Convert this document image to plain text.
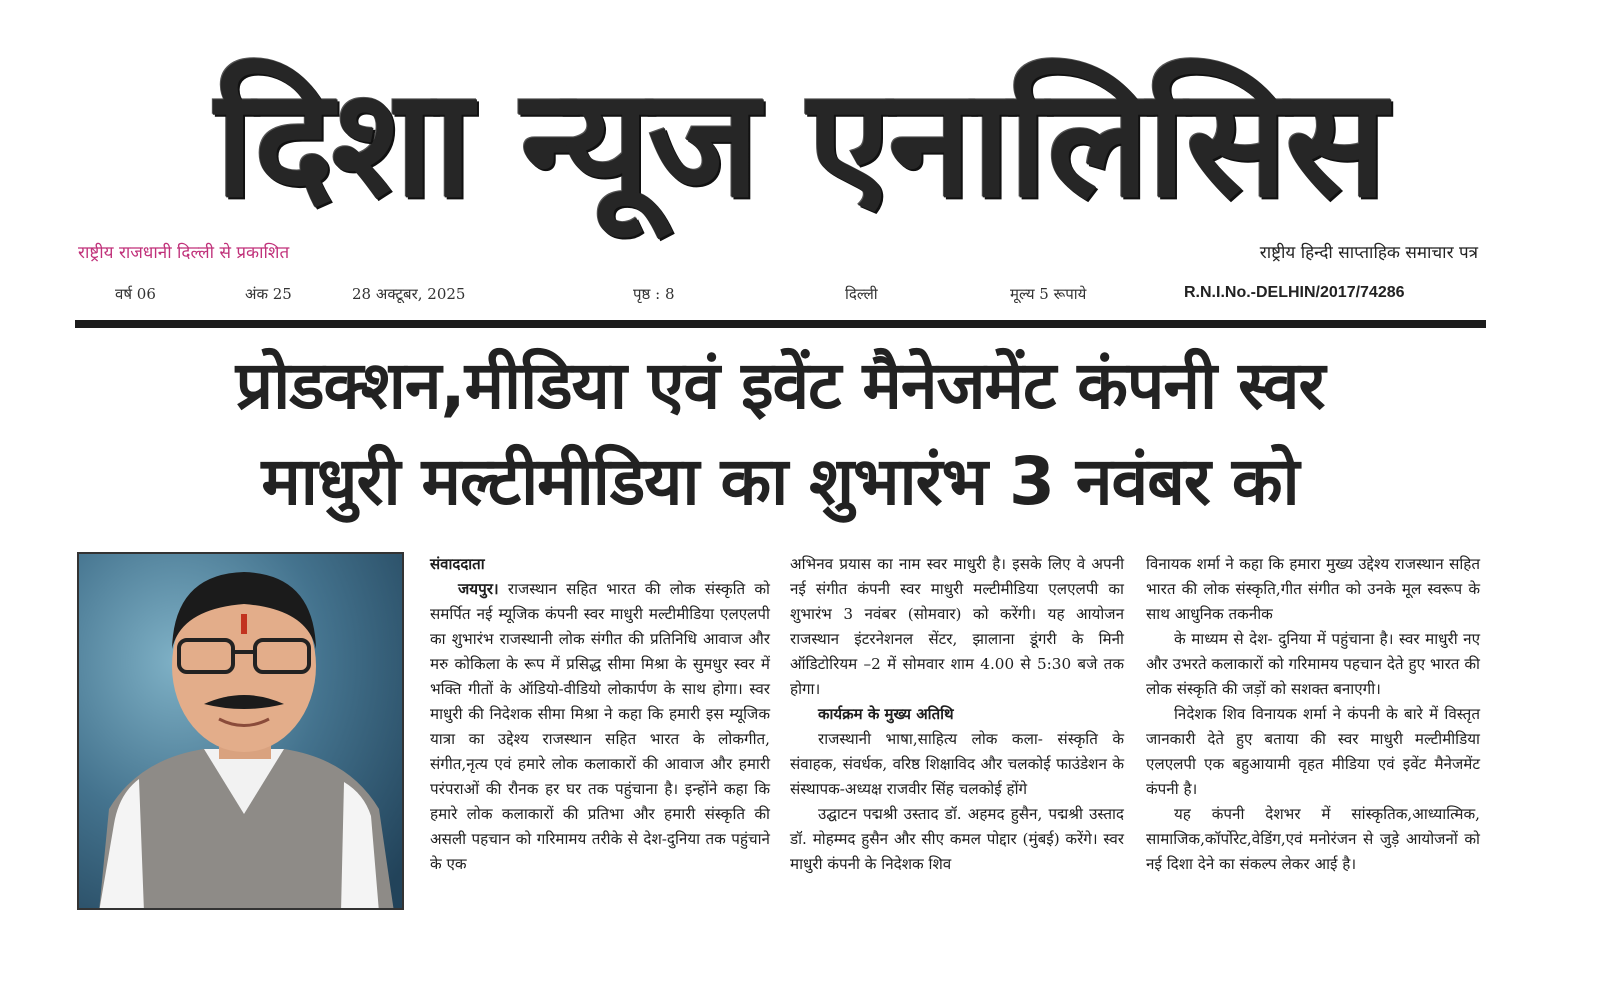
दिशा न्यूज एनालिसिस
राष्ट्रीय राजधानी दिल्ली से प्रकाशित	राष्ट्रीय हिन्दी साप्ताहिक समाचार पत्र
वर्ष 06	अंक 25	28 अक्टूबर, 2025	पृष्ठ : 8	दिल्ली	मूल्य 5 रूपाये	R.N.I.No.-DELHIN/2017/74286
प्रोडक्शन,मीडिया एवं इवेंट मैनेजमेंट कंपनी स्वर
माधुरी मल्टीमीडिया का शुभारंभ 3 नवंबर को

संवाददाता

जयपुर। राजस्थान सहित भारत की लोक संस्कृति को समर्पित नई म्यूजिक कंपनी स्वर माधुरी मल्टीमीडिया एलएलपी का शुभारंभ राजस्थानी लोक संगीत की प्रतिनिधि आवाज और मरु कोकिला के रूप में प्रसिद्ध सीमा मिश्रा के सुमधुर स्वर में भक्ति गीतों के ऑडियो-वीडियो लोकार्पण के साथ होगा। स्वर माधुरी की निदेशक सीमा मिश्रा ने कहा कि हमारी इस म्यूजिक यात्रा का उद्देश्य राजस्थान सहित भारत के लोकगीत, संगीत,नृत्य एवं हमारे लोक कलाकारों की आवाज और हमारी परंपराओं की रौनक हर घर तक पहुंचाना है। इन्होंने कहा कि हमारे लोक कलाकारों की प्रतिभा और हमारी संस्कृति की असली पहचान को गरिमामय तरीके से देश-दुनिया तक पहुंचाने के एक

अभिनव प्रयास का नाम स्वर माधुरी है। इसके लिए वे अपनी नई संगीत कंपनी स्वर माधुरी मल्टीमीडिया एलएलपी का शुभारंभ 3 नवंबर (सोमवार) को करेंगी। यह आयोजन राजस्थान इंटरनेशनल सेंटर, झालाना डूंगरी के मिनी ऑडिटोरियम –2 में सोमवार शाम 4.00 से 5:30 बजे तक होगा।

कार्यक्रम के मुख्य अतिथि

राजस्थानी भाषा,साहित्य लोक कला- संस्कृति के संवाहक, संवर्धक, वरिष्ठ शिक्षाविद और चलकोई फाउंडेशन के संस्थापक-अध्यक्ष राजवीर सिंह चलकोई होंगे

उद्घाटन पद्मश्री उस्ताद डॉ. अहमद हुसैन, पद्मश्री उस्ताद डॉ. मोहम्मद हुसैन और सीए कमल पोद्दार (मुंबई) करेंगे। स्वर माधुरी कंपनी के निदेशक शिव

विनायक शर्मा ने कहा कि हमारा मुख्य उद्देश्य राजस्थान सहित भारत की लोक संस्कृति,गीत संगीत को उनके मूल स्वरूप के साथ आधुनिक तकनीक

के माध्यम से देश- दुनिया में पहुंचाना है। स्वर माधुरी नए और उभरते कलाकारों को गरिमामय पहचान देते हुए भारत की लोक संस्कृति की जड़ों को सशक्त बनाएगी।

निदेशक शिव विनायक शर्मा ने कंपनी के बारे में विस्तृत जानकारी देते हुए बताया की स्वर माधुरी मल्टीमीडिया एलएलपी एक बहुआयामी वृहत मीडिया एवं इवेंट मैनेजमेंट कंपनी है।

यह कंपनी देशभर में सांस्कृतिक,आध्यात्मिक, सामाजिक,कॉर्पोरेट,वेडिंग,एवं मनोरंजन से जुड़े आयोजनों को नई दिशा देने का संकल्प लेकर आई है।
